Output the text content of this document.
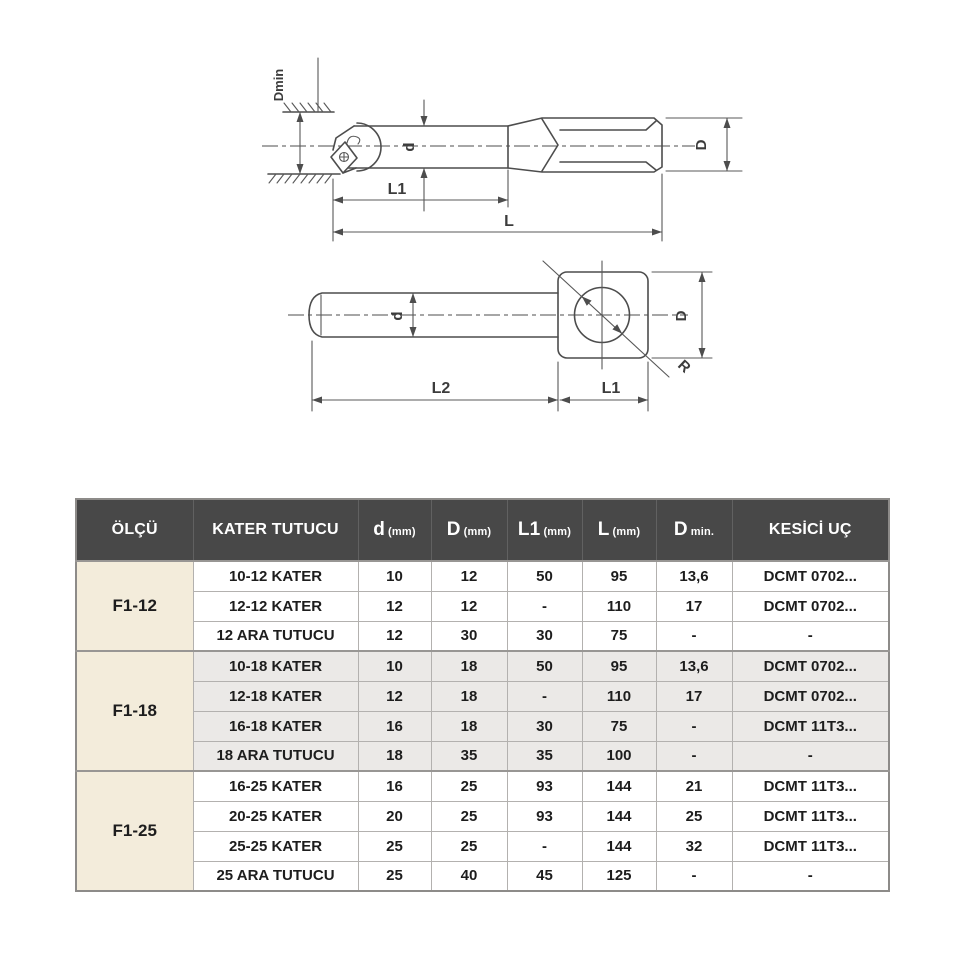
Dmin
d
L1
L
D
R
d	D
L2	L1
ÖLÇÜ	KATER TUTUCU	d (mm)	D (mm)	L1 (mm)	L (mm)	D min.	KESİCİ UÇ
F1-12	10-12 KATER	10	12	50	95	13,6	DCMT 0702...
	12-12 KATER	12	12	-	110	17	DCMT 0702...
	12 ARA TUTUCU	12	30	30	75	-	-
F1-18	10-18 KATER	10	18	50	95	13,6	DCMT 0702...
	12-18 KATER	12	18	-	110	17	DCMT 0702...
	16-18 KATER	16	18	30	75	-	DCMT 11T3...
	18 ARA TUTUCU	18	35	35	100	-	-
F1-25	16-25 KATER	16	25	93	144	21	DCMT 11T3...
	20-25 KATER	20	25	93	144	25	DCMT 11T3...
	25-25 KATER	25	25	-	144	32	DCMT 11T3...
	25 ARA TUTUCU	25	40	45	125	-	-
